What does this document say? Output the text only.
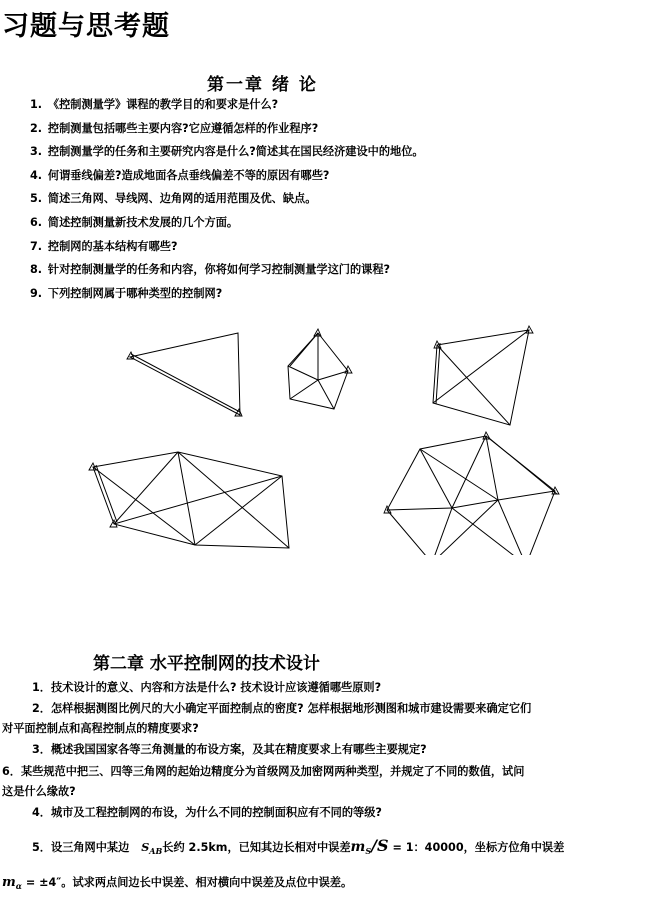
习题与思考题
第一章 绪 论
1. 《控制测量学》课程的教学目的和要求是什么?
2. 控制测量包括哪些主要内容?它应遵循怎样的作业程序?
3. 控制测量学的任务和主要研究内容是什么?简述其在国民经济建设中的地位。
4. 何谓垂线偏差?造成地面各点垂线偏差不等的原因有哪些?
5. 简述三角网、导线网、边角网的适用范围及优、缺点。
6. 简述控制测量新技术发展的几个方面。
7. 控制网的基本结构有哪些?
8. 针对控制测量学的任务和内容，你将如何学习控制测量学这门的课程?
9. 下列控制网属于哪种类型的控制网?
第二章 水平控制网的技术设计
1．技术设计的意义、内容和方法是什么? 技术设计应该遵循哪些原则?
2．怎样根据测图比例尺的大小确定平面控制点的密度? 怎样根据地形测图和城市建设需要来确定它们
对平面控制点和高程控制点的精度要求?
3．概述我国国家各等三角测量的布设方案，及其在精度要求上有哪些主要规定?
6．某些规范中把三、四等三角网的起始边精度分为首级网及加密网两种类型，并规定了不同的数值，试问
这是什么缘故?
4．城市及工程控制网的布设，为什么不同的控制面积应有不同的等级?
5．设三角网中某边 $S_{AB}$长约 2.5km，已知其边长相对中误差$m_S/S = 1$：40000，坐标方位角中误差
$m_\alpha = \pm 4''$。试求两点间边长中误差、相对横向中误差及点位中误差。
